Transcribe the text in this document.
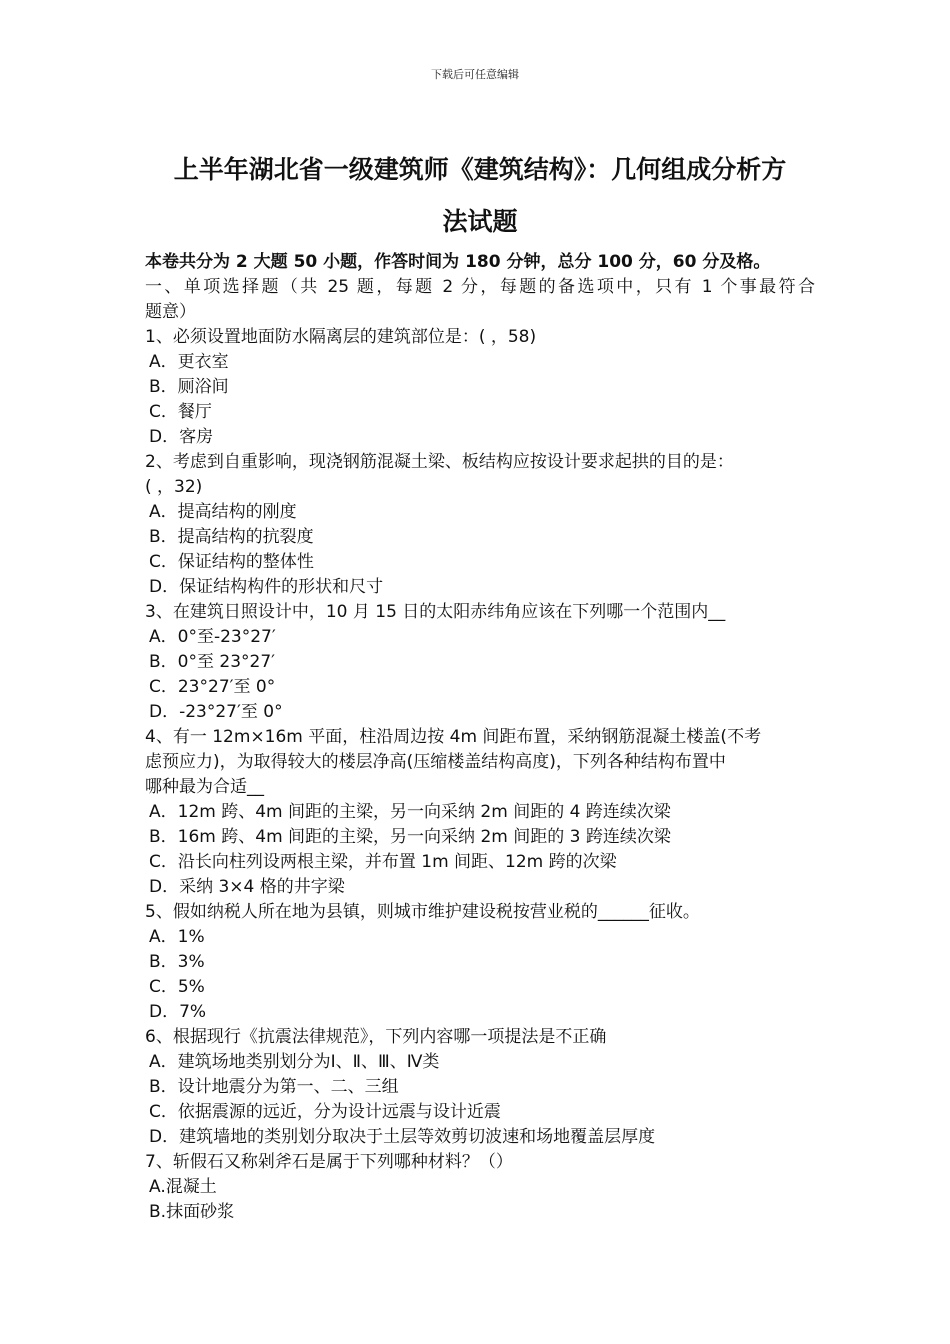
下载后可任意编辑
上半年湖北省一级建筑师《建筑结构》：几何组成分析方
法试题
本卷共分为 2 大题 50 小题，作答时间为 180 分钟，总分 100 分，60 分及格。
一、单项选择题（共 25 题，每题 2 分，每题的备选项中，只有 1 个事最符合
题意）
1、必须设置地面防水隔离层的建筑部位是：( ，58)
A．更衣室
B．厕浴间
C．餐厅
D．客房
2、考虑到自重影响，现浇钢筋混凝土梁、板结构应按设计要求起拱的目的是：
( ，32)
A．提高结构的刚度
B．提高结构的抗裂度
C．保证结构的整体性
D．保证结构构件的形状和尺寸
3、在建筑日照设计中，10 月 15 日的太阳赤纬角应该在下列哪一个范围内__
A．0°至-23°27′
B．0°至 23°27′
C．23°27′至 0°
D．-23°27′至 0°
4、有一 12m×16m 平面，柱沿周边按 4m 间距布置，采纳钢筋混凝土楼盖(不考
虑预应力)，为取得较大的楼层净高(压缩楼盖结构高度)，下列各种结构布置中
哪种最为合适__
A．12m 跨、4m 间距的主梁，另一向采纳 2m 间距的 4 跨连续次梁
B．16m 跨、4m 间距的主梁，另一向采纳 2m 间距的 3 跨连续次梁
C．沿长向柱列设两根主梁，并布置 1m 间距、12m 跨的次梁
D．采纳 3×4 格的井字梁
5、假如纳税人所在地为县镇，则城市维护建设税按营业税的______征收。
A．1%
B．3%
C．5%
D．7%
6、根据现行《抗震法律规范》，下列内容哪一项提法是不正确
A．建筑场地类别划分为Ⅰ、Ⅱ、Ⅲ、Ⅳ类
B．设计地震分为第一、二、三组
C．依据震源的远近，分为设计远震与设计近震
D．建筑墙地的类别划分取决于土层等效剪切波速和场地覆盖层厚度
7、斩假石又称剁斧石是属于下列哪种材料？（）
A.混凝土
B.抹面砂浆
